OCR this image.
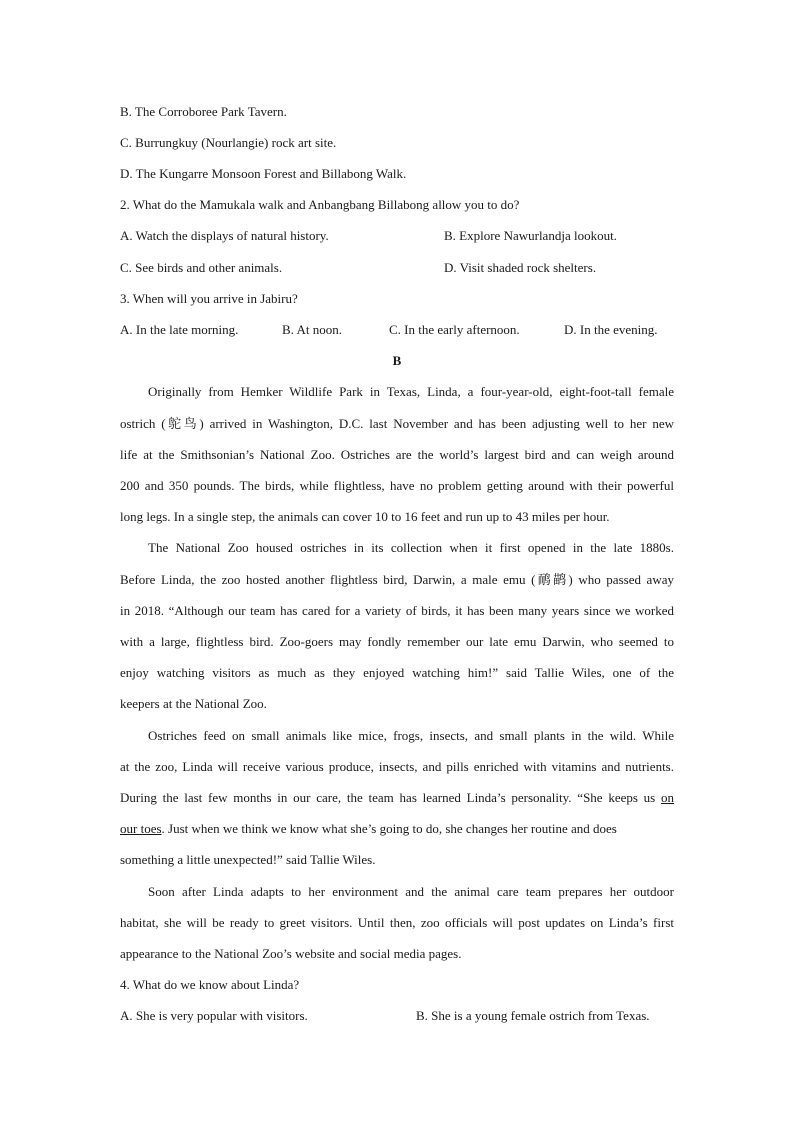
B. The Corroboree Park Tavern.
C. Burrungkuy (Nourlangie) rock art site.
D. The Kungarre Monsoon Forest and Billabong Walk.
2. What do the Mamukala walk and Anbangbang Billabong allow you to do?
A. Watch the displays of natural history.	B. Explore Nawurlandja lookout.
C. See birds and other animals.	D. Visit shaded rock shelters.
3. When will you arrive in Jabiru?
A. In the late morning.	B. At noon.	C. In the early afternoon.	D. In the evening.
B
Originally from Hemker Wildlife Park in Texas, Linda, a four-year-old, eight-foot-tall female
ostrich (鸵鸟) arrived in Washington, D.C. last November and has been adjusting well to her new
life at the Smithsonian’s National Zoo. Ostriches are the world’s largest bird and can weigh around
200 and 350 pounds. The birds, while flightless, have no problem getting around with their powerful
long legs. In a single step, the animals can cover 10 to 16 feet and run up to 43 miles per hour.
The National Zoo housed ostriches in its collection when it first opened in the late 1880s.
Before Linda, the zoo hosted another flightless bird, Darwin, a male emu (鸸鹋) who passed away
in 2018. “Although our team has cared for a variety of birds, it has been many years since we worked
with a large, flightless bird. Zoo-goers may fondly remember our late emu Darwin, who seemed to
enjoy watching visitors as much as they enjoyed watching him!” said Tallie Wiles, one of the
keepers at the National Zoo.
Ostriches feed on small animals like mice, frogs, insects, and small plants in the wild. While
at the zoo, Linda will receive various produce, insects, and pills enriched with vitamins and nutrients.
During the last few months in our care, the team has learned Linda’s personality. “She keeps us on
our toes. Just when we think we know what she’s going to do, she changes her routine and does
something a little unexpected!” said Tallie Wiles.
Soon after Linda adapts to her environment and the animal care team prepares her outdoor
habitat, she will be ready to greet visitors. Until then, zoo officials will post updates on Linda’s first
appearance to the National Zoo’s website and social media pages.
4. What do we know about Linda?
A. She is very popular with visitors.	B. She is a young female ostrich from Texas.
